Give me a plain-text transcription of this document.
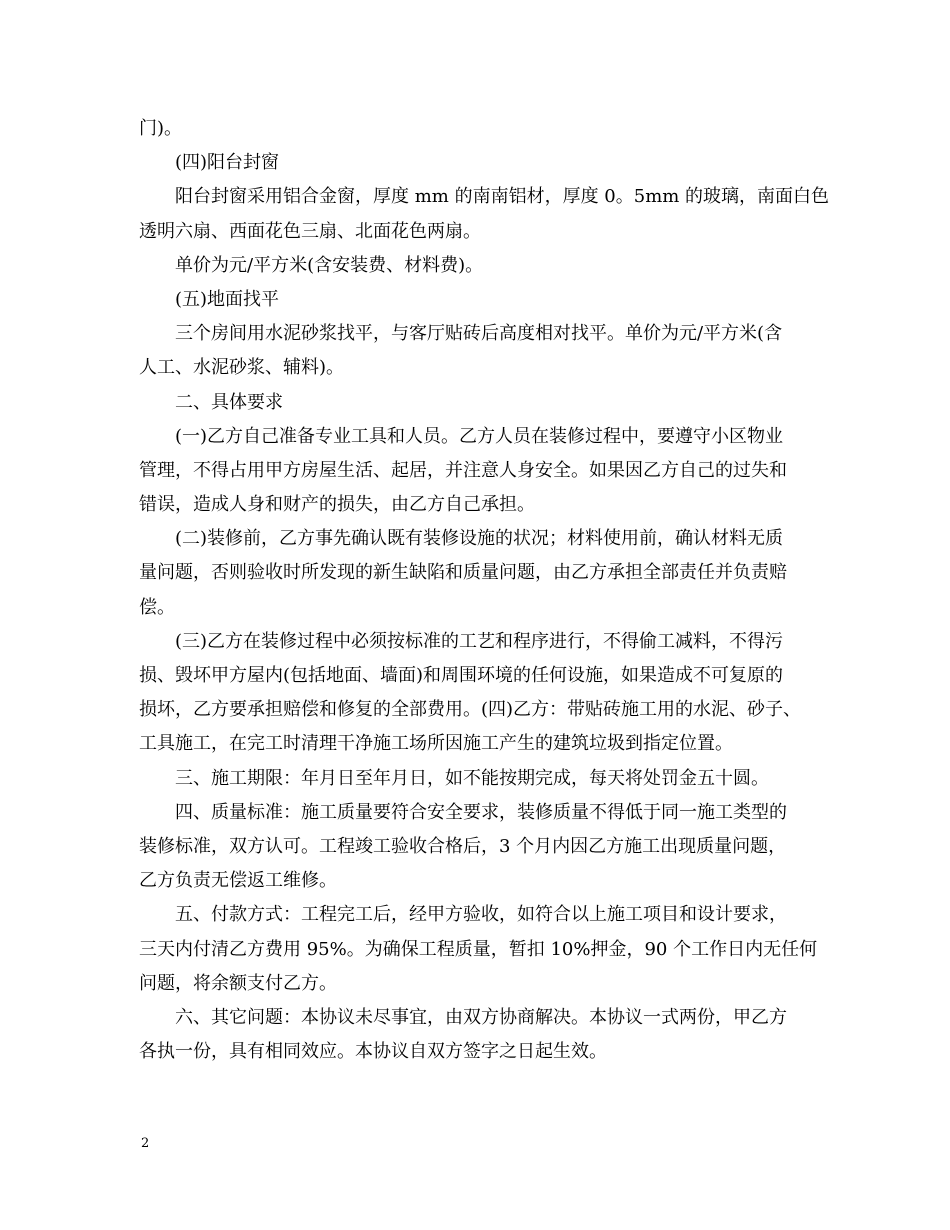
门)。
(四)阳台封窗
阳台封窗采用铝合金窗，厚度 mm 的南南铝材，厚度 0。5mm 的玻璃，南面白色
透明六扇、西面花色三扇、北面花色两扇。
单价为元/平方米(含安装费、材料费)。
(五)地面找平
三个房间用水泥砂浆找平，与客厅贴砖后高度相对找平。单价为元/平方米(含
人工、水泥砂浆、辅料)。
二、具体要求
(一)乙方自己准备专业工具和人员。乙方人员在装修过程中，要遵守小区物业
管理，不得占用甲方房屋生活、起居，并注意人身安全。如果因乙方自己的过失和
错误，造成人身和财产的损失，由乙方自己承担。
(二)装修前，乙方事先确认既有装修设施的状况；材料使用前，确认材料无质
量问题，否则验收时所发现的新生缺陷和质量问题，由乙方承担全部责任并负责赔
偿。
(三)乙方在装修过程中必须按标准的工艺和程序进行，不得偷工减料，不得污
损、毁坏甲方屋内(包括地面、墙面)和周围环境的任何设施，如果造成不可复原的
损坏，乙方要承担赔偿和修复的全部费用。(四)乙方：带贴砖施工用的水泥、砂子、
工具施工，在完工时清理干净施工场所因施工产生的建筑垃圾到指定位置。
三、施工期限：年月日至年月日，如不能按期完成，每天将处罚金五十圆。
四、质量标准：施工质量要符合安全要求，装修质量不得低于同一施工类型的
装修标准，双方认可。工程竣工验收合格后，3 个月内因乙方施工出现质量问题，
乙方负责无偿返工维修。
五、付款方式：工程完工后，经甲方验收，如符合以上施工项目和设计要求，
三天内付清乙方费用 95%。为确保工程质量，暂扣 10%押金，90 个工作日内无任何
问题，将余额支付乙方。
六、其它问题：本协议未尽事宜，由双方协商解决。本协议一式两份，甲乙方
各执一份，具有相同效应。本协议自双方签字之日起生效。
2
